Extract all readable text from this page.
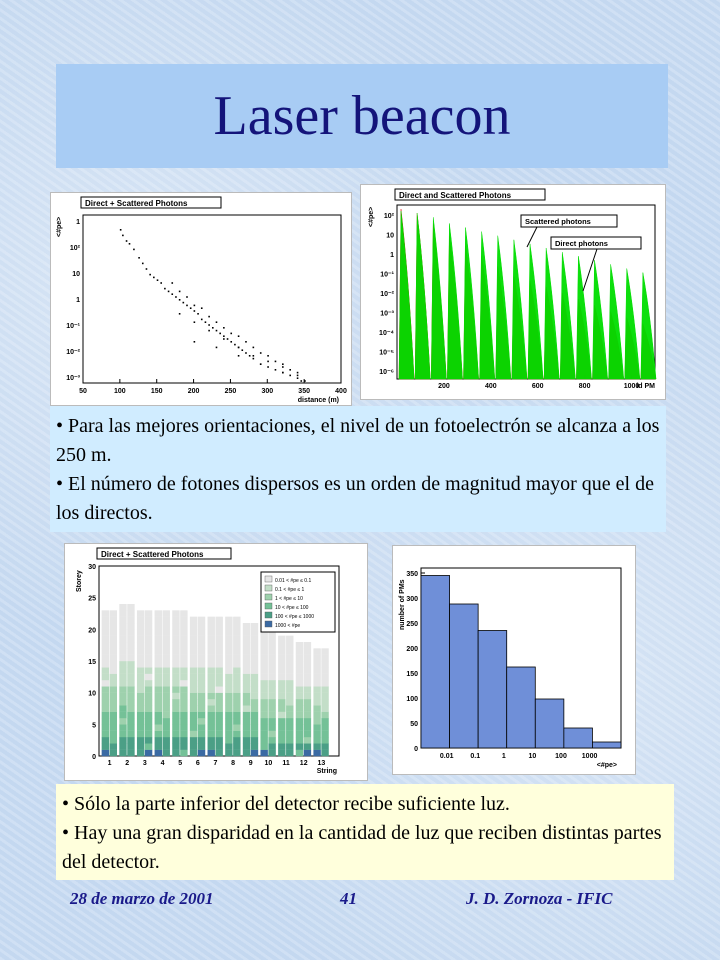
Laser beacon
Direct + Scattered Photons
50	100	150	200	250	300	350	400
1
10²
10
1
10⁻¹
10⁻²
10⁻³
distance (m)
<#pe>
Direct and Scattered Photons
10²
10
1
10⁻¹
10⁻²
10⁻³
10⁻⁴
10⁻⁵
10⁻⁶
200	400	600	800	1000
id PM
<#pe>	Scattered photons
Direct photons

• Para las mejores orientaciones, el nivel de un fotoelectrón se alcanza a los 250 m.

• El número de fotones dispersos es un orden de magnitud mayor que el de los directos.

Direct + Scattered Photons
0
5
10
15
20
25
30
1 2 3 4 5 6 7 8 9 10 11 12 13
String
Storey	0.01 < #pe ≤ 0.1
0.1 < #pe ≤ 1
1 < #pe ≤ 10
10 < #pe ≤ 100
100 < #pe ≤ 1000
1000 < #pe
0
50
100
150
200
250
300
350
0.01 0.1	1	10	100 1000
<#pe>
number of PMs

• Sólo la parte inferior del detector recibe suficiente luz.

• Hay una gran disparidad en la cantidad de luz que reciben distintas partes del detector.

28 de marzo de 2001	41	J. D. Zornoza - IFIC
